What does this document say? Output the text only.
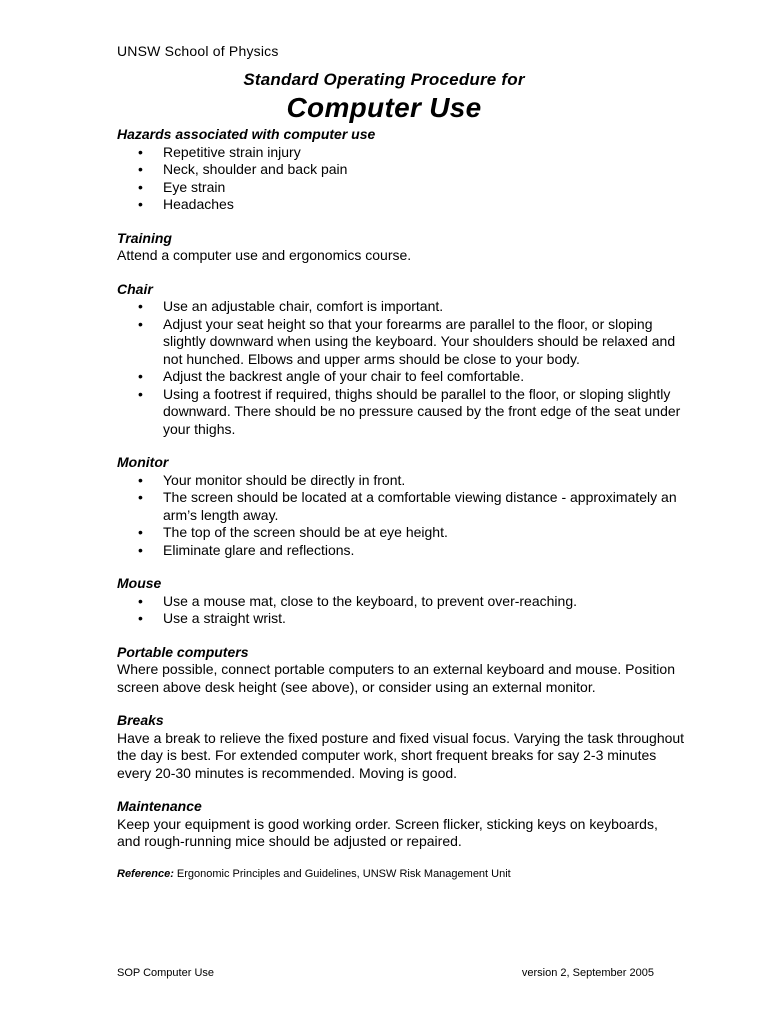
UNSW School of Physics
Standard Operating Procedure for
Computer Use
Hazards associated with computer use
• Repetitive strain injury
• Neck, shoulder and back pain
• Eye strain
• Headaches
Training

Attend a computer use and ergonomics course.

Chair
• Use an adjustable chair, comfort is important.
• Adjust your seat height so that your forearms are parallel to the floor, or sloping slightly downward when using the keyboard. Your shoulders should be relaxed and not hunched. Elbows and upper arms should be close to your body.
• Adjust the backrest angle of your chair to feel comfortable.
• Using a footrest if required, thighs should be parallel to the floor, or sloping slightly downward. There should be no pressure caused by the front edge of the seat under your thighs.
Monitor
• Your monitor should be directly in front.
• The screen should be located at a comfortable viewing distance - approximately an arm’s length away.
• The top of the screen should be at eye height.
• Eliminate glare and reflections.
Mouse
• Use a mouse mat, close to the keyboard, to prevent over-reaching.
• Use a straight wrist.
Portable computers

Where possible, connect portable computers to an external keyboard and mouse. Position screen above desk height (see above), or consider using an external monitor.

Breaks

Have a break to relieve the fixed posture and fixed visual focus. Varying the task throughout the day is best. For extended computer work, short frequent breaks for say 2-3 minutes every 20-30 minutes is recommended. Moving is good.

Maintenance

Keep your equipment is good working order. Screen flicker, sticking keys on keyboards, and rough-running mice should be adjusted or repaired.

Reference: Ergonomic Principles and Guidelines, UNSW Risk Management Unit
SOP Computer Use	version 2, September 2005
